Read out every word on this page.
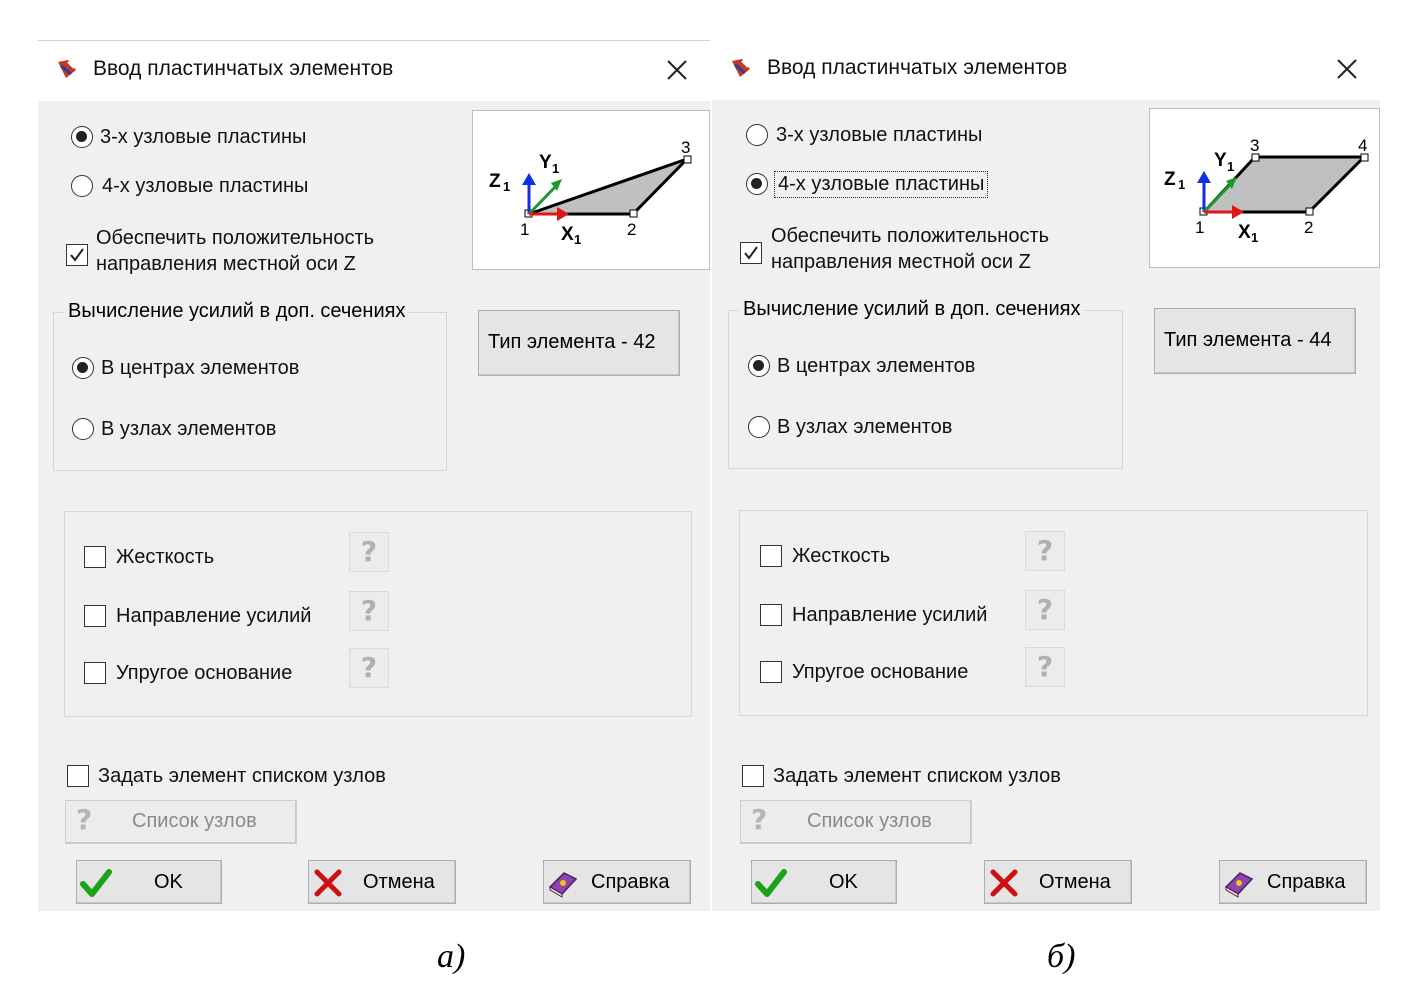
Ввод пластинчатых элементов
3-х узловые пластины
4-х узловые пластины
Обеспечить положительность
направления местной оси Z
Z 1
Y 1
X 1
1	2
3
Вычисление усилий в доп. сечениях
В центрах элементов
В узлах элементов
Тип элемента - 42
Жесткость	?
Направление усилий	?
Упругое основание	?
Задать элемент списком узлов
? Список узлов
OK	Отмена	Справка
Ввод пластинчатых элементов
3-х узловые пластины
4-х узловые пластины
Обеспечить положительность
направления местной оси Z
Z 1
Y 1
X 1
1	2
3	4
Вычисление усилий в доп. сечениях
В центрах элементов
В узлах элементов
Тип элемента - 44
Жесткость	?
Направление усилий	?
Упругое основание	?
Задать элемент списком узлов
? Список узлов
OK	Отмена	Справка
а)	б)
